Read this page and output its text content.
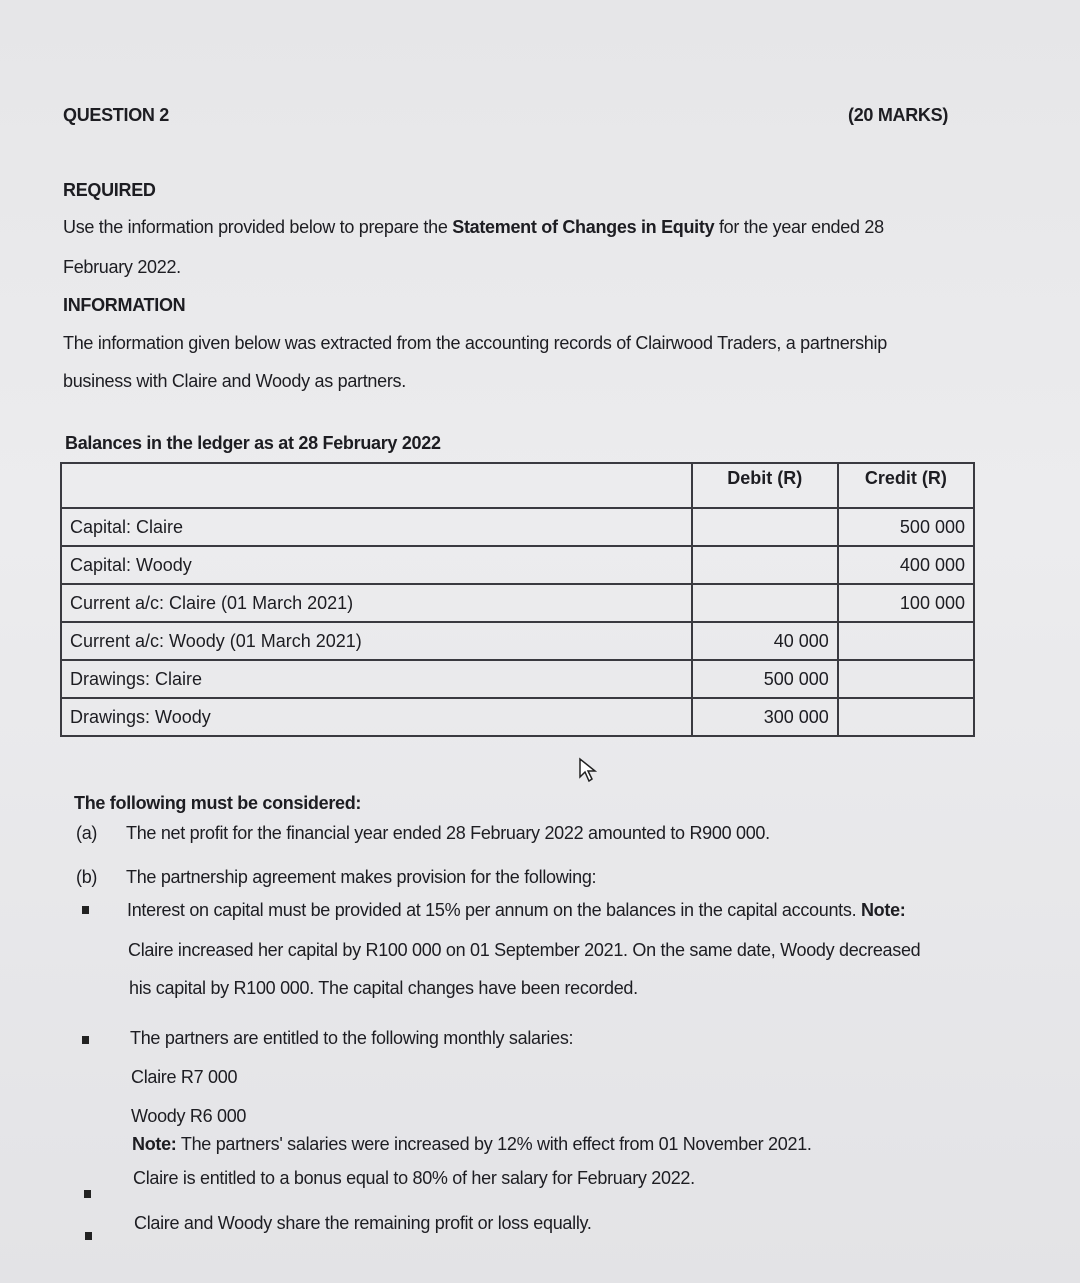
QUESTION 2	(20 MARKS)
REQUIRED
Use the information provided below to prepare the Statement of Changes in Equity for the year ended 28
February 2022.
INFORMATION
The information given below was extracted from the accounting records of Clairwood Traders, a partnership
business with Claire and Woody as partners.
Balances in the ledger as at 28 February 2022
	Debit (R)	Credit (R)
Capital: Claire		500 000
Capital: Woody		400 000
Current a/c: Claire (01 March 2021)		100 000
Current a/c: Woody (01 March 2021)	40 000	
Drawings: Claire	500 000	
Drawings: Woody	300 000	
The following must be considered:
(a) The net profit for the financial year ended 28 February 2022 amounted to R900 000.
(b) The partnership agreement makes provision for the following:
Interest on capital must be provided at 15% per annum on the balances in the capital accounts. Note:
Claire increased her capital by R100 000 on 01 September 2021. On the same date, Woody decreased
his capital by R100 000. The capital changes have been recorded.
The partners are entitled to the following monthly salaries:
Claire R7 000
Woody R6 000
Note: The partners' salaries were increased by 12% with effect from 01 November 2021.
Claire is entitled to a bonus equal to 80% of her salary for February 2022.
Claire and Woody share the remaining profit or loss equally.
